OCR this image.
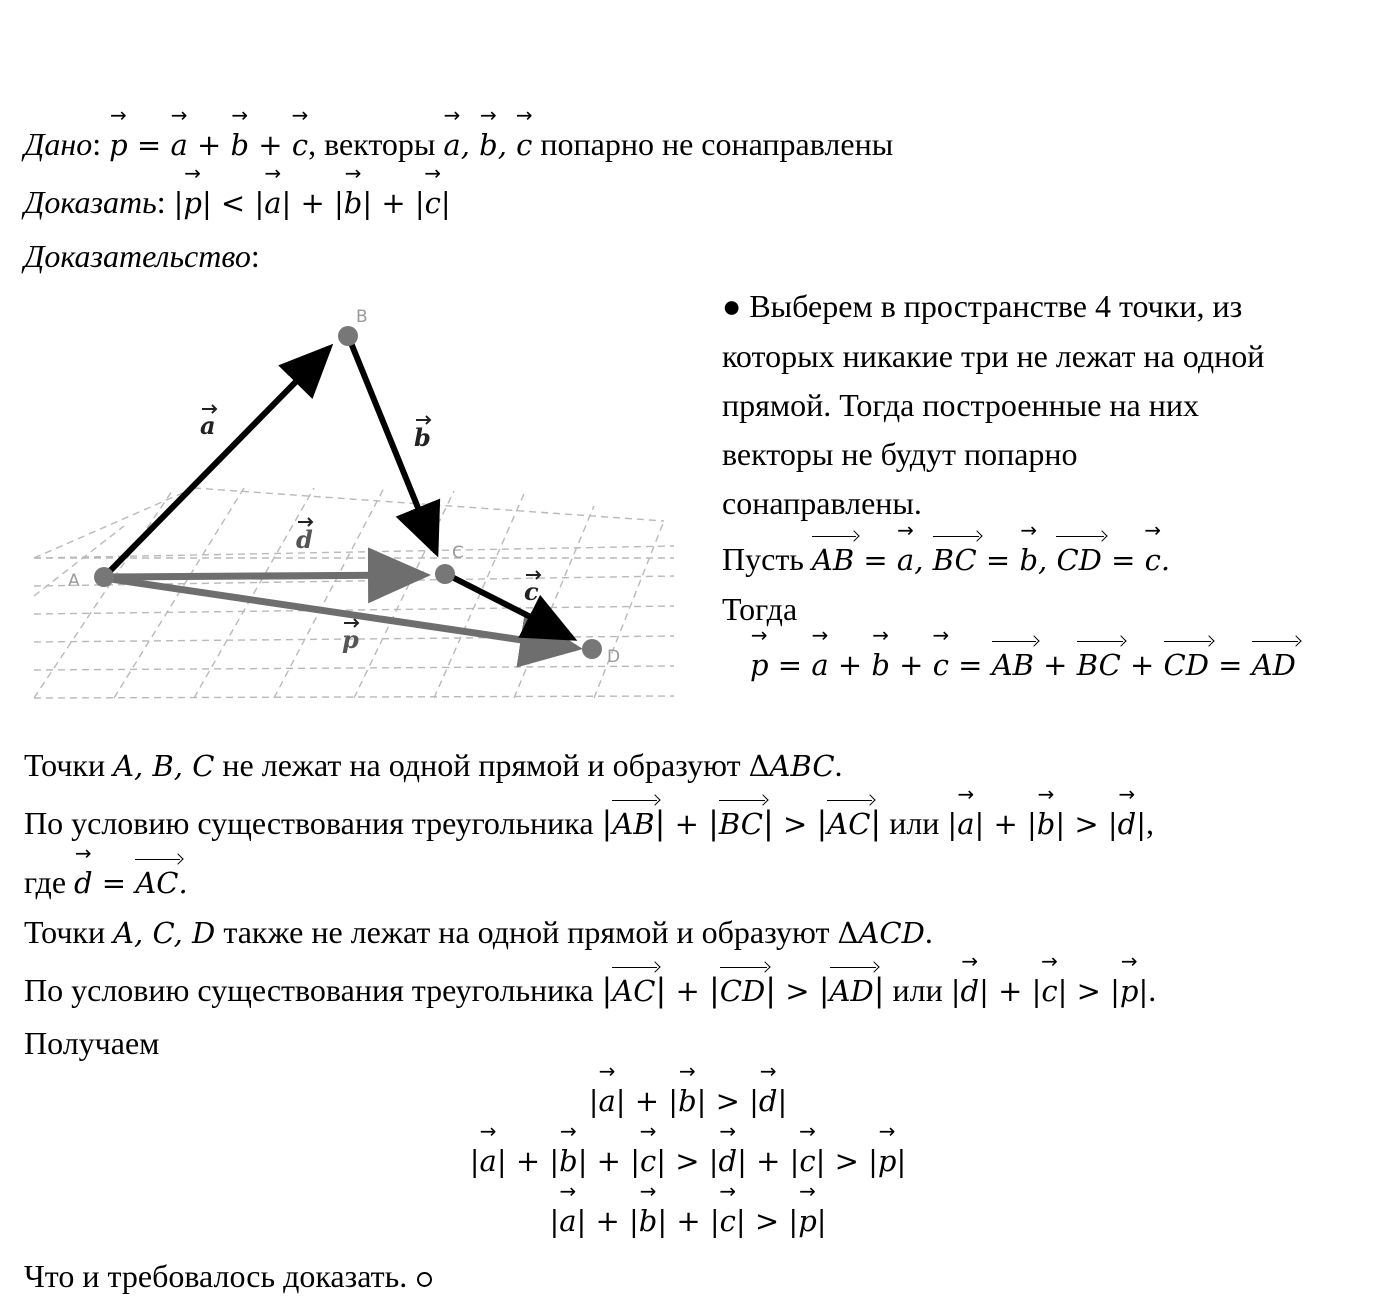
Дано: p → = a → + b → + c →, векторы a →, b →, c → попарно не сонаправлены
Доказать: |p →| < |a →| + |b →| + |c →|
Доказательство:
A
B
C
D
a	b
d
c
p
● Выберем в пространстве 4 точки, из
которых никакие три не лежат на одной
прямой. Тогда построенные на них
векторы не будут попарно
сонаправлены.
Пусть AB = a →, BC = b →, CD = c →.
Тогда
p → = a → + b → + c → = AB + BC + CD = AD
Точки A, B, C не лежат на одной прямой и образуют ΔABC.
По условию существования треугольника |AB| + |BC| > |AC| или |a →| + |b →| > |d →|,
где d → = AC.
Точки A, C, D также не лежат на одной прямой и образуют ΔACD.
По условию существования треугольника |AC| + |CD| > |AD| или |d →| + |c →| > |p →|.
Получаем
|a →| + |b →| > |d →|
|a →| + |b →| + |c →| > |d →| + |c →| > |p →|
|a →| + |b →| + |c →| > |p →|
Что и требовалось доказать.
